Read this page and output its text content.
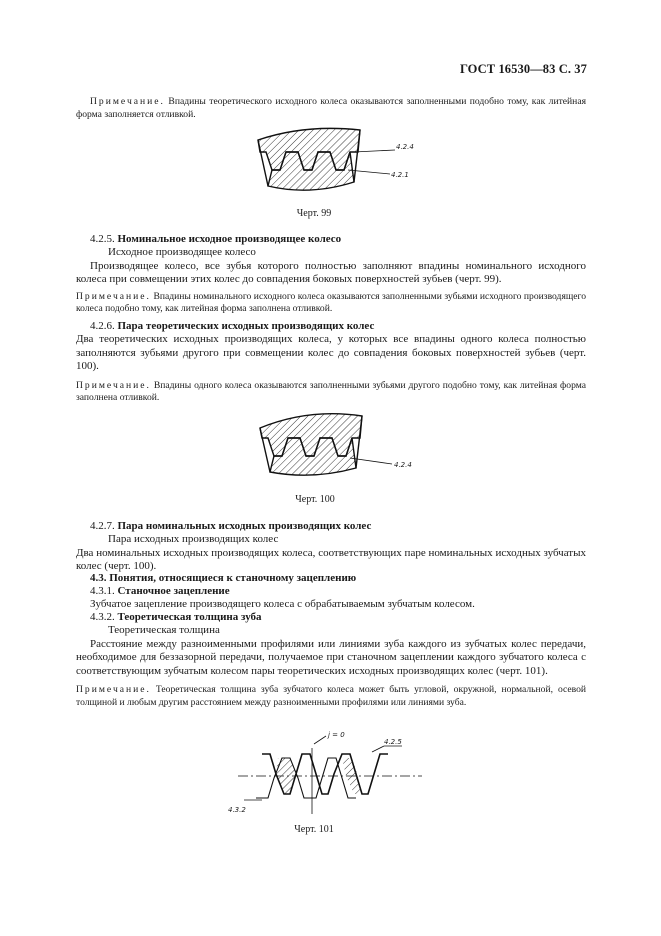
ГОСТ 16530—83 С. 37

Примечание. Впадины теоретического исходного колеса оказываются заполненными подобно тому, как литейная форма заполняется отливкой.

4.2.4
4.2.1
Черт. 99

4.2.5. Номинальное исходное производящее колесо

Исходное производящее колесо

Производящее колесо, все зубья которого полностью заполняют впадины номинального исходного колеса при совмещении этих колес до совпадения боковых поверхностей зубьев (черт. 99).

Примечание. Впадины номинального исходного колеса оказываются заполненными зубьями исходного производящего колеса подобно тому, как литейная форма заполнена отливкой.

4.2.6. Пара теоретических исходных производящих колес

Два теоретических исходных производящих колеса, у которых все впадины одного колеса полностью заполняются зубьями другого при совмещении колес до совпадения боковых поверхностей зубьев (черт. 100).

Примечание. Впадины одного колеса оказываются заполненными зубьями другого подобно тому, как литейная форма заполнена отливкой.

4.2.4
Черт. 100

4.2.7. Пара номинальных исходных производящих колес

Пара исходных производящих колес

Два номинальных исходных производящих колеса, соответствующих паре номинальных исходных зубчатых колес (черт. 100).

4.3. Понятия, относящиеся к станочному зацеплению

4.3.1. Станочное зацепление

Зубчатое зацепление производящего колеса с обрабатываемым зубчатым колесом.

4.3.2. Теоретическая толщина зуба

Теоретическая толщина

Расстояние между разноименными профилями или линиями зуба каждого из зубчатых колес передачи, необходимое для беззазорной передачи, получаемое при станочном зацеплении каждого зубчатого колеса с соответствующим зубчатым колесом пары теоретических исходных производящих колес (черт. 101).

Примечание. Теоретическая толщина зуба зубчатого колеса может быть угловой, окружной, нормальной, осевой толщиной и любым другим расстоянием между разноименными профилями или линиями зуба.

j = 0
4.2.5
4.3.2
Черт. 101
